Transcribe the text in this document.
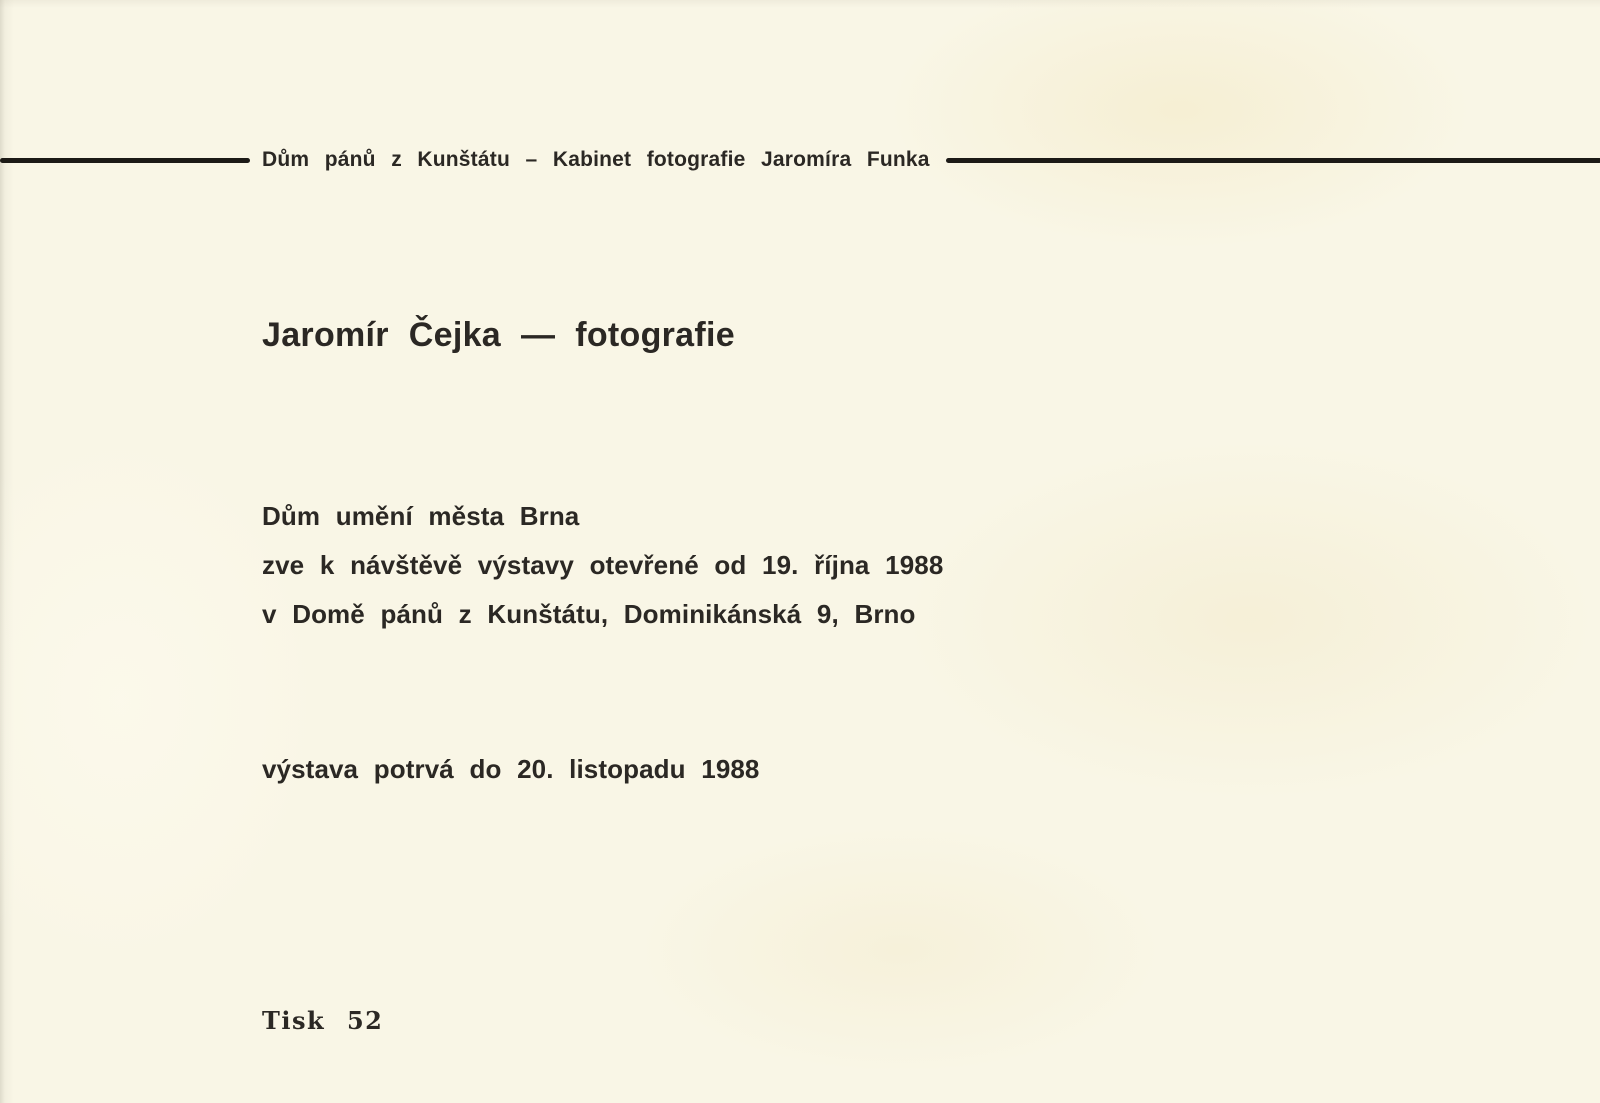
Dům pánů z Kunštátu – Kabinet fotografie Jaromíra Funka
Jaromír Čejka — fotografie
Dům umění města Brna
zve k návštěvě výstavy otevřené od 19. října 1988
v Domě pánů z Kunštátu, Dominikánská 9, Brno
výstava potrvá do 20. listopadu 1988
Tisk 52
